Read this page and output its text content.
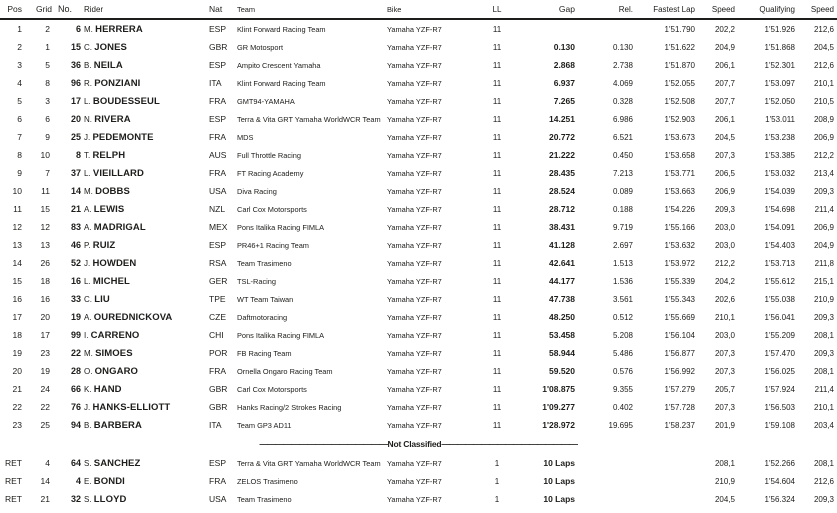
Pos	Grid	No.	Rider	Nat	Team	Bike	LL	Gap	Rel.	Fastest Lap	Speed	Qualifying	Speed
1	2	6	M. HERRERA	ESP	Klint Forward Racing Team	Yamaha YZF-R7	11			1'51.790	202,2	1'51.926	212,6
2	1	15	C. JONES	GBR	GR Motosport	Yamaha YZF-R7	11	0.130	0.130	1'51.622	204,9	1'51.868	204,5
3	5	36	B. NEILA	ESP	Ampito Crescent Yamaha	Yamaha YZF-R7	11	2.868	2.738	1'51.870	206,1	1'52.301	212,6
4	8	96	R. PONZIANI	ITA	Klint Forward Racing Team	Yamaha YZF-R7	11	6.937	4.069	1'52.055	207,7	1'53.097	210,1
5	3	17	L. BOUDESSEUL	FRA	GMT94-YAMAHA	Yamaha YZF-R7	11	7.265	0.328	1'52.508	207,7	1'52.050	210,5
6	6	20	N. RIVERA	ESP	Terra & Vita GRT Yamaha WorldWCR Team	Yamaha YZF-R7	11	14.251	6.986	1'52.903	206,1	1'53.011	208,9
7	9	25	J. PEDEMONTE	FRA	MDS	Yamaha YZF-R7	11	20.772	6.521	1'53.673	204,5	1'53.238	206,9
8	10	8	T. RELPH	AUS	Full Throttle Racing	Yamaha YZF-R7	11	21.222	0.450	1'53.658	207,3	1'53.385	212,2
9	7	37	L. VIEILLARD	FRA	FT Racing Academy	Yamaha YZF-R7	11	28.435	7.213	1'53.771	206,5	1'53.032	213,4
10	11	14	M. DOBBS	USA	Diva Racing	Yamaha YZF-R7	11	28.524	0.089	1'53.663	206,9	1'54.039	209,3
11	15	21	A. LEWIS	NZL	Carl Cox Motorsports	Yamaha YZF-R7	11	28.712	0.188	1'54.226	209,3	1'54.698	211,4
12	12	83	A. MADRIGAL	MEX	Pons Italika Racing FIMLA	Yamaha YZF-R7	11	38.431	9.719	1'55.166	203,0	1'54.091	206,9
13	13	46	P. RUIZ	ESP	PR46+1 Racing Team	Yamaha YZF-R7	11	41.128	2.697	1'53.632	203,0	1'54.403	204,9
14	26	52	J. HOWDEN	RSA	Team Trasimeno	Yamaha YZF-R7	11	42.641	1.513	1'53.972	212,2	1'53.713	211,8
15	18	16	L. MICHEL	GER	TSL-Racing	Yamaha YZF-R7	11	44.177	1.536	1'55.339	204,2	1'55.612	215,1
16	16	33	C. LIU	TPE	WT Team Taiwan	Yamaha YZF-R7	11	47.738	3.561	1'55.343	202,6	1'55.038	210,9
17	20	19	A. OUREDNICKOVA	CZE	Daftmotoracing	Yamaha YZF-R7	11	48.250	0.512	1'55.669	210,1	1'56.041	209,3
18	17	99	I. CARRENO	CHI	Pons Italika Racing FIMLA	Yamaha YZF-R7	11	53.458	5.208	1'56.104	203,0	1'55.209	208,1
19	23	22	M. SIMOES	POR	FB Racing Team	Yamaha YZF-R7	11	58.944	5.486	1'56.877	207,3	1'57.470	209,3
20	19	28	O. ONGARO	FRA	Ornella Ongaro Racing Team	Yamaha YZF-R7	11	59.520	0.576	1'56.992	207,3	1'56.025	208,1
21	24	66	K. HAND	GBR	Carl Cox Motorsports	Yamaha YZF-R7	11	1'08.875	9.355	1'57.279	205,7	1'57.924	211,4
22	22	76	J. HANKS-ELLIOTT	GBR	Hanks Racing/2 Strokes Racing	Yamaha YZF-R7	11	1'09.277	0.402	1'57.728	207,3	1'56.503	210,1
23	25	94	B. BARBERA	ITA	Team GP3 AD11	Yamaha YZF-R7	11	1'28.972	19.695	1'58.237	201,9	1'59.108	203,4

———————————————— Not Classified —————————————————													

RET	4	64	S. SANCHEZ	ESP	Terra & Vita GRT Yamaha WorldWCR Team	Yamaha YZF-R7	1	10 Laps			208,1	1'52.266	208,1
RET	14	4	E. BONDI	FRA	ZELOS Trasimeno	Yamaha YZF-R7	1	10 Laps			210,9	1'54.604	212,6
RET	21	32	S. LLOYD	USA	Team Trasimeno	Yamaha YZF-R7	1	10 Laps			204,5	1'56.324	209,3
